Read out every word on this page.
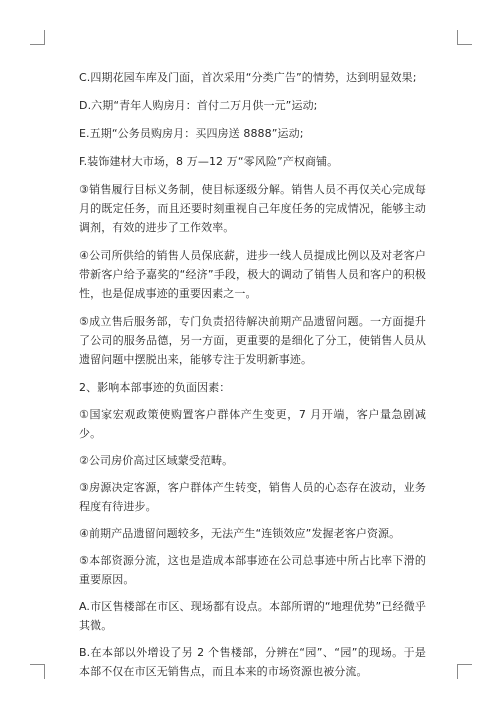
C.四期花园车库及门面，首次采用“分类广告”的情势，达到明显效果;

D.六期“青年人购房月：首付二万月供一元”运动;

E.五期“公务员购房月：买四房送 8888”运动;

F.装饰建材大市场，8 万—12 万“零风险”产权商铺。

③销售履行目标义务制，使目标逐级分解。销售人员不再仅关心完成每月的既定任务，而且还要时刻重视自己年度任务的完成情况，能够主动调剂，有效的进步了工作效率。

④公司所供给的销售人员保底薪，进步一线人员提成比例以及对老客户带新客户给予嘉奖的“经济”手段，极大的调动了销售人员和客户的积极性，也是促成事迹的重要因素之一。

⑤成立售后服务部，专门负责招待解决前期产品遗留问题。一方面提升了公司的服务品德，另一方面，更重要的是细化了分工，使销售人员从遗留问题中摆脱出来，能够专注于发明新事迹。

2、影响本部事迹的负面因素：

①国家宏观政策使购置客户群体产生变更，7 月开端，客户量急剧减少。

②公司房价高过区域蒙受范畴。

③房源决定客源，客户群体产生转变，销售人员的心态存在波动，业务程度有待进步。

④前期产品遗留问题较多，无法产生“连锁效应”发握老客户资源。

⑤本部资源分流，这也是造成本部事迹在公司总事迹中所占比率下滑的重要原因。

A.市区售楼部在市区、现场都有设点。本部所谓的“地理优势”已经微乎其微。

B.在本部以外增设了另 2 个售楼部，分辨在“园”、“园”的现场。于是本部不仅在市区无销售点，而且本来的市场资源也被分流。
